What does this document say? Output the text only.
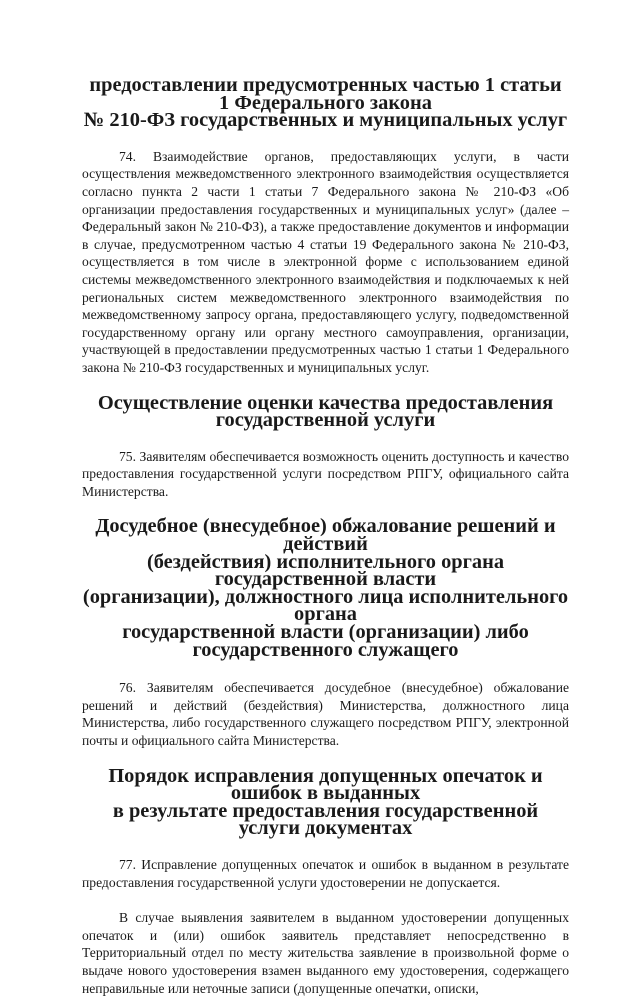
предоставлении предусмотренных частью 1 статьи 1 Федерального закона
№ 210-ФЗ государственных и муниципальных услуг

74. Взаимодействие органов, предоставляющих услуги, в части осуществления межведомственного электронного взаимодействия осуществляется согласно пункта 2 части 1 статьи 7 Федерального закона № 210-ФЗ «Об организации предоставления государственных и муниципальных услуг» (далее – Федеральный закон № 210-ФЗ), а также предоставление документов и информации в случае, предусмотренном частью 4 статьи 19 Федерального закона № 210-ФЗ, осуществляется в том числе в электронной форме с использованием единой системы межведомственного электронного взаимодействия и подключаемых к ней региональных систем межведомственного электронного взаимодействия по межведомственному запросу органа, предоставляющего услугу, подведомственной государственному органу или органу местного самоуправления, организации, участвующей в предоставлении предусмотренных частью 1 статьи 1 Федерального закона № 210-ФЗ государственных и муниципальных услуг.

Осуществление оценки качества предоставления
государственной услуги

75. Заявителям обеспечивается возможность оценить доступность и качество предоставления государственной услуги посредством РПГУ, официального сайта Министерства.

Досудебное (внесудебное) обжалование решений и действий
(бездействия) исполнительного органа государственной власти
(организации), должностного лица исполнительного органа
государственной власти (организации) либо государственного служащего

76. Заявителям обеспечивается досудебное (внесудебное) обжалование решений и действий (бездействия) Министерства, должностного лица Министерства, либо государственного служащего посредством РПГУ, электронной почты и официального сайта Министерства.

Порядок исправления допущенных опечаток и ошибок в выданных
в результате предоставления государственной услуги документах

77. Исправление допущенных опечаток и ошибок в выданном в результате предоставления государственной услуги удостоверении не допускается.

В случае выявления заявителем в выданном удостоверении допущенных опечаток и (или) ошибок заявитель представляет непосредственно в Территориальный отдел по месту жительства заявление в произвольной форме о выдаче нового удостоверения взамен выданного ему удостоверения, содержащего неправильные или неточные записи (допущенные опечатки, описки,
